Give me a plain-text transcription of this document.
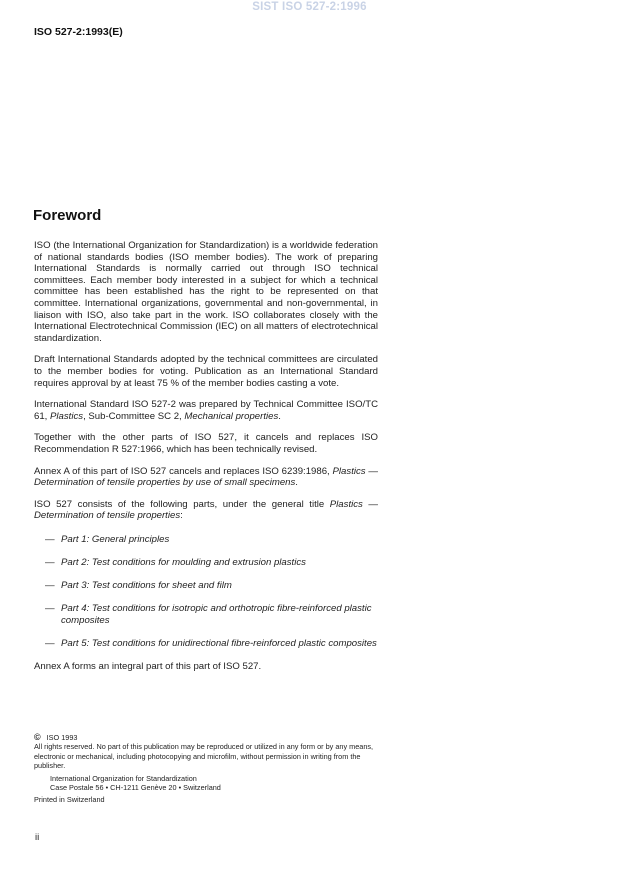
SIST ISO 527-2:1996
ISO 527-2:1993(E)
Foreword

ISO (the International Organization for Standardization) is a worldwide federation of national standards bodies (ISO member bodies). The work of preparing International Standards is normally carried out through ISO technical committees. Each member body interested in a subject for which a technical committee has been established has the right to be represented on that committee. International organizations, governmental and non-governmental, in liaison with ISO, also take part in the work. ISO collaborates closely with the International Electrotechnical Commission (IEC) on all matters of electrotechnical standardization.

Draft International Standards adopted by the technical committees are circulated to the member bodies for voting. Publication as an International Standard requires approval by at least 75 % of the member bodies casting a vote.

International Standard ISO 527-2 was prepared by Technical Committee ISO/TC 61, Plastics, Sub-Committee SC 2, Mechanical properties.

Together with the other parts of ISO 527, it cancels and replaces ISO Recommendation R 527:1966, which has been technically revised.

Annex A of this part of ISO 527 cancels and replaces ISO 6239:1986, Plastics — Determination of tensile properties by use of small specimens.

ISO 527 consists of the following parts, under the general title Plastics — Determination of tensile properties:

— Part 1: General principles
— Part 2: Test conditions for moulding and extrusion plastics
— Part 3: Test conditions for sheet and film
— Part 4: Test conditions for isotropic and orthotropic fibre-reinforced plastic composites
— Part 5: Test conditions for unidirectional fibre-reinforced plastic composites

Annex A forms an integral part of this part of ISO 527.

© ISO 1993
All rights reserved. No part of this publication may be reproduced or utilized in any form or by any means, electronic or mechanical, including photocopying and microfilm, without permission in writing from the publisher.
International Organization for Standardization
Case Postale 56 • CH-1211 Genève 20 • Switzerland
Printed in Switzerland
ii
